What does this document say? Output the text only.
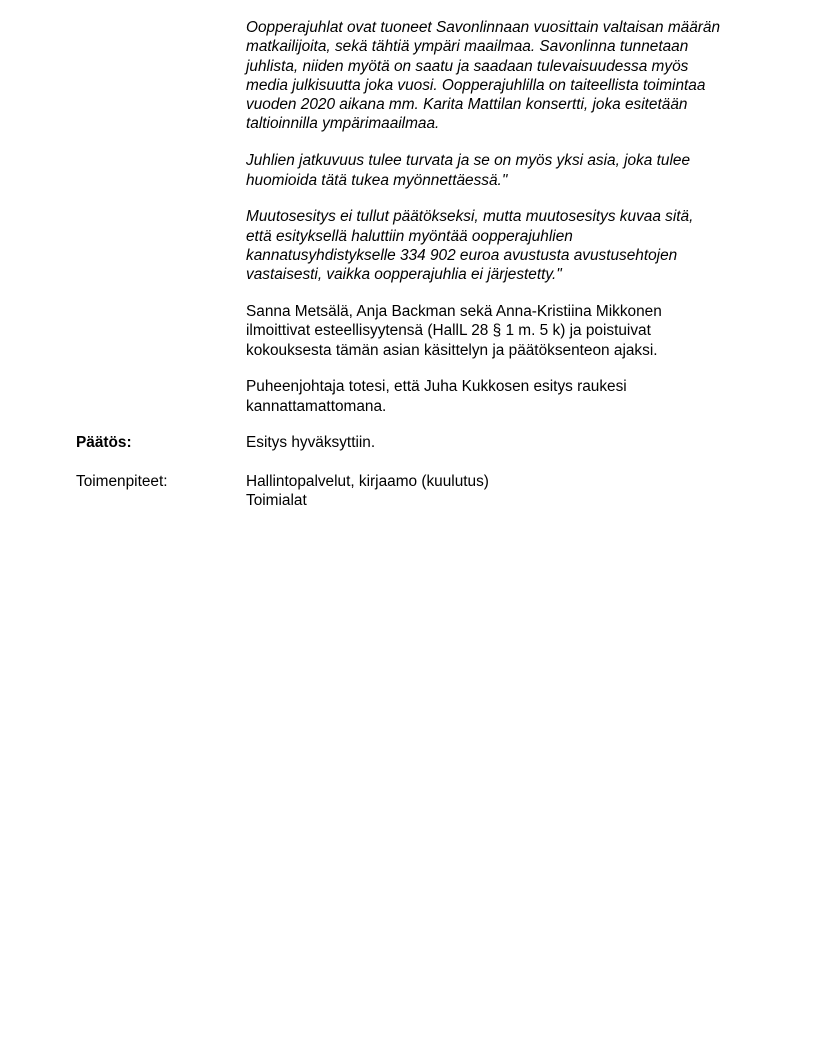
Oopperajuhlat ovat tuoneet Savonlinnaan vuosittain valtaisan määrän
matkailijoita, sekä tähtiä ympäri maailmaa. Savonlinna tunnetaan
juhlista, niiden myötä on saatu ja saadaan tulevaisuudessa myös
media julkisuutta joka vuosi. Oopperajuhlilla on taiteellista toimintaa
vuoden 2020 aikana mm. Karita Mattilan konsertti, joka esitetään
taltioinnilla ympärimaailmaa.

Juhlien jatkuvuus tulee turvata ja se on myös yksi asia, joka tulee
huomioida tätä tukea myönnettäessä."

Muutosesitys ei tullut päätökseksi, mutta muutosesitys kuvaa sitä,
että esityksellä haluttiin myöntää oopperajuhlien
kannatusyhdistykselle 334 902 euroa avustusta avustusehtojen
vastaisesti, vaikka oopperajuhlia ei järjestetty."

Sanna Metsälä, Anja Backman sekä Anna-Kristiina Mikkonen
ilmoittivat esteellisyytensä (HallL 28 § 1 m. 5 k) ja poistuivat
kokouksesta tämän asian käsittelyn ja päätöksenteon ajaksi.

Puheenjohtaja totesi, että Juha Kukkosen esitys raukesi
kannattamattomana.

Päätös:	Esitys hyväksyttiin.
Toimenpiteet:	Hallintopalvelut, kirjaamo (kuulutus)
Toimialat
